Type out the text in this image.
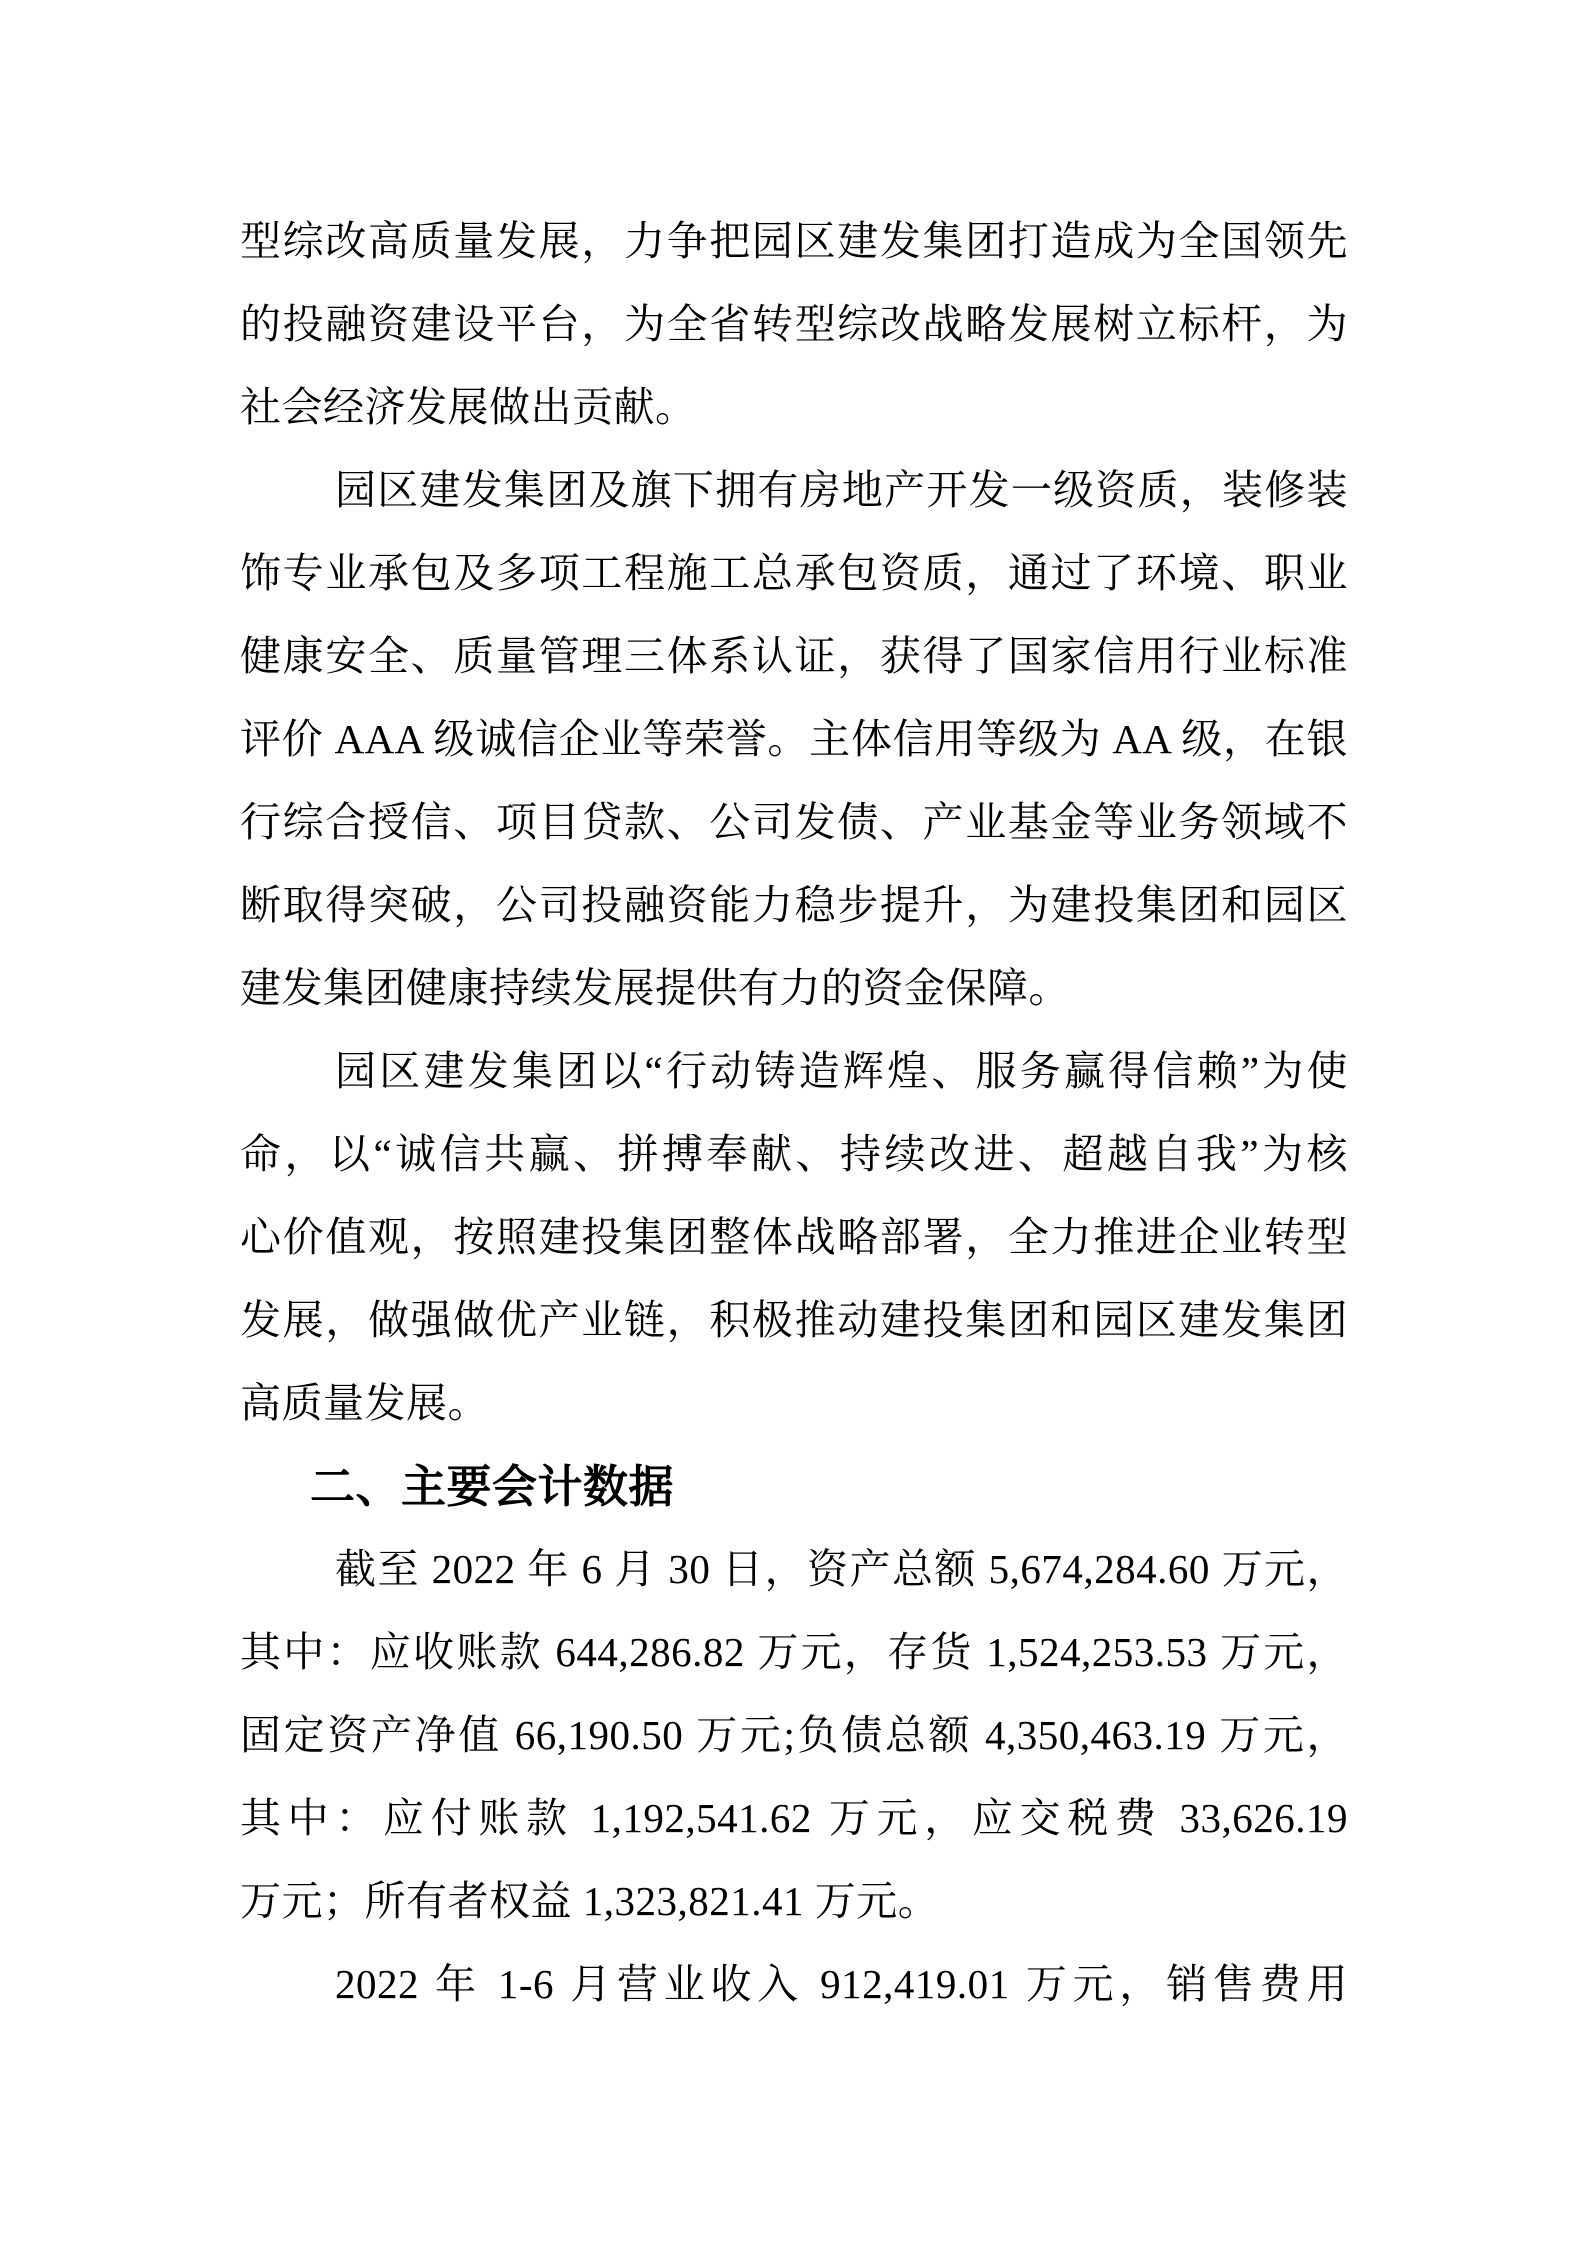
型综改高质量发展，力争把园区建发集团打造成为全国领先
的投融资建设平台，为全省转型综改战略发展树立标杆，为
社会经济发展做出贡献。
园区建发集团及旗下拥有房地产开发一级资质，装修装
饰专业承包及多项工程施工总承包资质，通过了环境、职业
健康安全、质量管理三体系认证，获得了国家信用行业标准
评价 AAA 级诚信企业等荣誉。主体信用等级为 AA 级，在银
行综合授信、项目贷款、公司发债、产业基金等业务领域不
断取得突破，公司投融资能力稳步提升，为建投集团和园区
建发集团健康持续发展提供有力的资金保障。
园区建发集团以“行动铸造辉煌、服务赢得信赖”为使
命，以“诚信共赢、拼搏奉献、持续改进、超越自我”为核
心价值观，按照建投集团整体战略部署，全力推进企业转型
发展，做强做优产业链，积极推动建投集团和园区建发集团
高质量发展。
二、主要会计数据
截至 2022 年 6 月 30 日，资产总额 5,674,284.60 万元，
其中：应收账款 644,286.82 万元，存货 1,524,253.53 万元，
固定资产净值 66,190.50 万元;负债总额 4,350,463.19 万元，
其中：应付账款 1,192,541.62 万元，应交税费 33,626.19
万元；所有者权益 1,323,821.41 万元。
2022 年 1-6 月营业收入 912,419.01 万元，销售费用
